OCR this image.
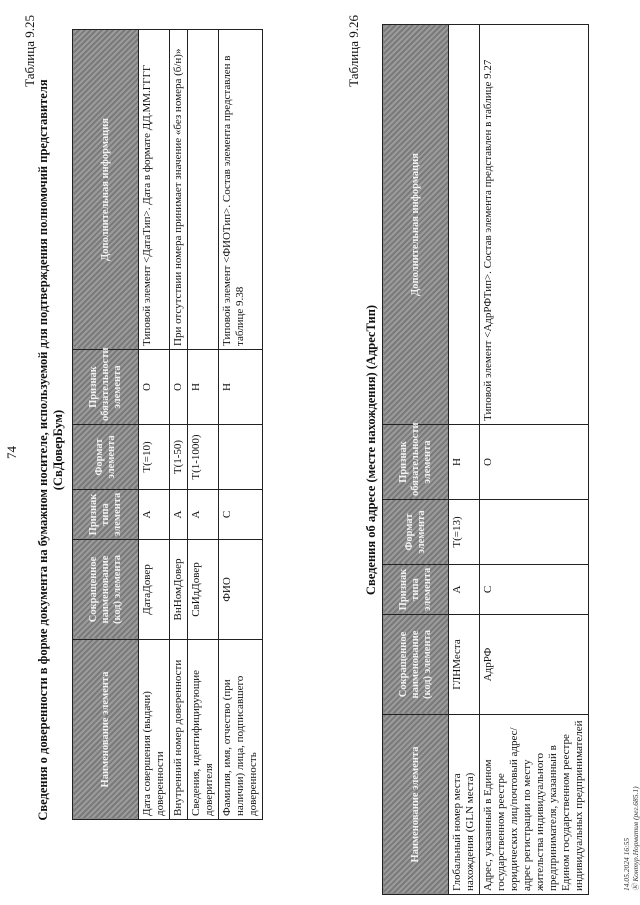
74
Таблица 9.25
Сведения о доверенности в форме документа на бумажном носителе, используемой для подтверждения полномочий представителя (СвДоверБум)
Наименование элемента	Сокращенное наименование (код) элемента	Признак типа элемента	Формат элемента	Признак обязательности элемента	Дополнительная информация
Дата совершения (выдачи) доверенности	ДатаДовер	А	Т(=10)	О	Типовой элемент <ДатаТип>. Дата в формате ДД.ММ.ГГГГ
Внутренний номер доверенности	ВнНомДовер	А	Т(1-50)	О	При отсутствии номера принимает значение «без номера (б/н)»
Сведения, идентифицирующие доверителя	СвИдДовер	А	Т(1-1000)	Н	
Фамилия, имя, отчество (при наличии) лица, подписавшего доверенность	ФИО	С		Н	Типовой элемент <ФИОТип>. Состав элемента представлен в таблице 9.38
Таблица 9.26
Сведения об адресе (месте нахождения) (АдресТип)
Наименование элемента	Сокращенное наименование (код) элемента	Признак типа элемента	Формат элемента	Признак обязательности элемента	Дополнительная информация
Глобальный номер места нахождения (GLN места)	ГЛНМеста	А	Т(=13)	Н	
Адрес, указанный в Едином государственном реестре юридических лиц/почтовый адрес/адрес регистрации по месту жительства индивидуального предпринимателя, указанный в Едином государственном реестре индивидуальных предпринимателей	АдрРФ	С		О	Типовой элемент <АдрРФТип>. Состав элемента представлен в таблице 9.27
14.05.2024 16:55 Ⓚ Контур.Норматив (рег.685.1)
